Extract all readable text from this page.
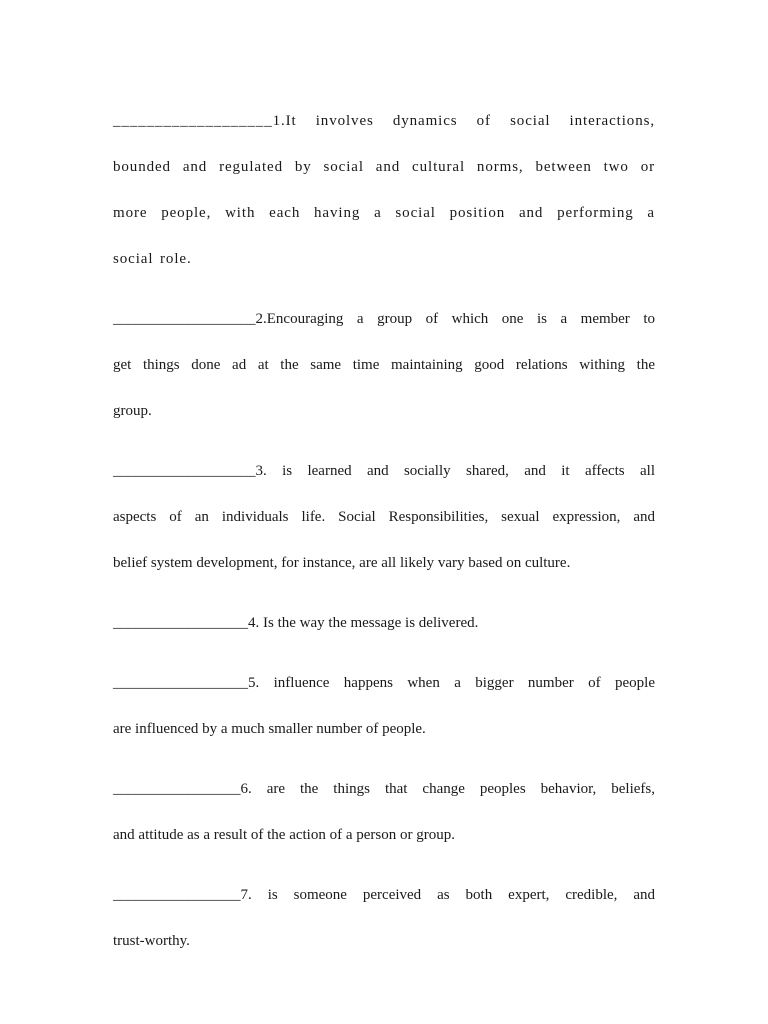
___________________1.It involves dynamics of social interactions,
bounded and regulated by social and cultural norms, between two or
more people, with each having a social position and performing a
social role.
___________________2.Encouraging a group of which one is a member to
get things done ad at the same time maintaining good relations withing the
group.
___________________3. is learned and socially shared, and it affects all
aspects of an individuals life. Social Responsibilities, sexual expression, and
belief system development, for instance, are all likely vary based on culture.
__________________4. Is the way the message is delivered.
__________________5. influence happens when a bigger number of people
are influenced by a much smaller number of people.
_________________6. are the things that change peoples behavior, beliefs,
and attitude as a result of the action of a person or group.
_________________7. is someone perceived as both expert, credible, and
trust-worthy.
